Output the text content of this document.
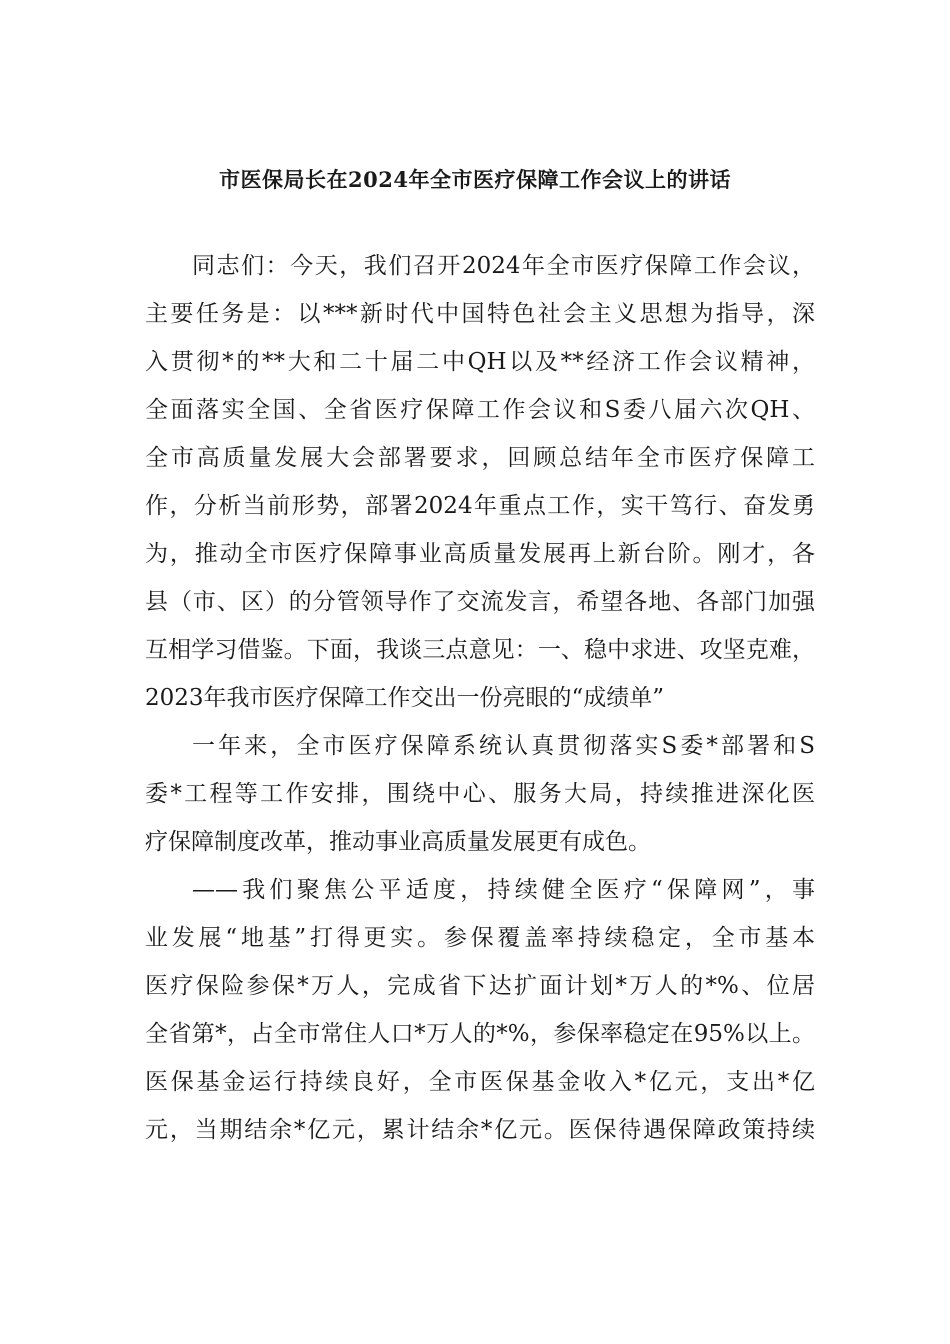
市医保局长在2024年全市医疗保障工作会议上的讲话
同志们：今天，我们召开2024年全市医疗保障工作会议，
主要任务是：以***新时代中国特色社会主义思想为指导，深
入贯彻*的**大和二十届二中QH以及**经济工作会议精神，
全面落实全国、全省医疗保障工作会议和S委八届六次QH、
全市高质量发展大会部署要求，回顾总结年全市医疗保障工
作，分析当前形势，部署2024年重点工作，实干笃行、奋发勇
为，推动全市医疗保障事业高质量发展再上新台阶。刚才，各
县（市、区）的分管领导作了交流发言，希望各地、各部门加强
互相学习借鉴。下面，我谈三点意见：一、稳中求进、攻坚克难，
2023年我市医疗保障工作交出一份亮眼的“成绩单”
一年来，全市医疗保障系统认真贯彻落实S委*部署和S
委*工程等工作安排，围绕中心、服务大局，持续推进深化医
疗保障制度改革，推动事业高质量发展更有成色。
——我们聚焦公平适度，持续健全医疗“保障网”，事
业发展“地基”打得更实。参保覆盖率持续稳定，全市基本
医疗保险参保*万人，完成省下达扩面计划*万人的*%、位居
全省第*，占全市常住人口*万人的*%，参保率稳定在95%以上。
医保基金运行持续良好，全市医保基金收入*亿元，支出*亿
元，当期结余*亿元，累计结余*亿元。医保待遇保障政策持续
